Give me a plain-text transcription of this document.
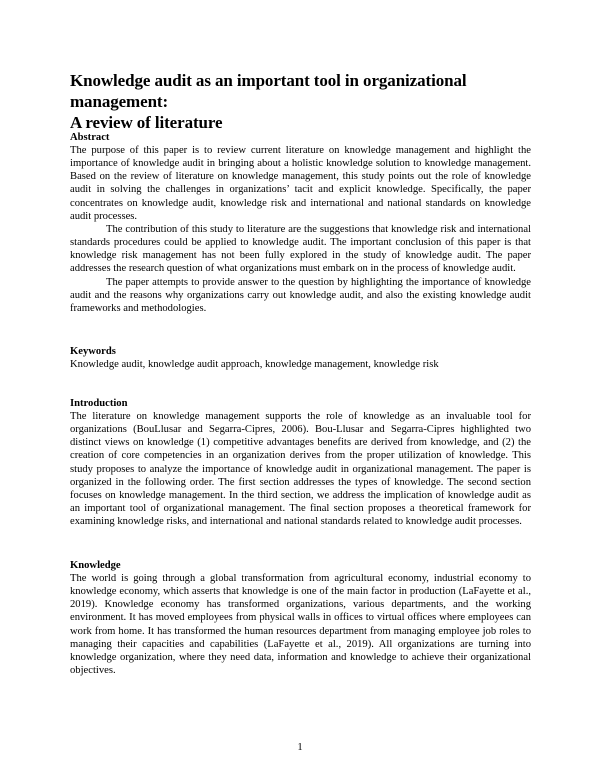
Knowledge audit as an important tool in organizational management:
A review of literature
Abstract

The purpose of this paper is to review current literature on knowledge management and highlight the importance of knowledge audit in bringing about a holistic knowledge solution to knowledge management. Based on the review of literature on knowledge management, this study points out the role of knowledge audit in solving the challenges in organizations’ tacit and explicit knowledge. Specifically, the paper concentrates on knowledge audit, knowledge risk and international and national standards on knowledge audit processes.

The contribution of this study to literature are the suggestions that knowledge risk and international standards procedures could be applied to knowledge audit. The important conclusion of this paper is that knowledge risk management has not been fully explored in the study of knowledge audit. The paper addresses the research question of what organizations must embark on in the process of knowledge audit.

The paper attempts to provide answer to the question by highlighting the importance of knowledge audit and the reasons why organizations carry out knowledge audit, and also the existing knowledge audit frameworks and methodologies.

Keywords

Knowledge audit, knowledge audit approach, knowledge management, knowledge risk

Introduction

The literature on knowledge management supports the role of knowledge as an invaluable tool for organizations (BouLlusar and Segarra-Cipres, 2006). Bou-Llusar and Segarra-Cipres highlighted two distinct views on knowledge (1) competitive advantages benefits are derived from knowledge, and (2) the creation of core competencies in an organization derives from the proper utilization of knowledge. This study proposes to analyze the importance of knowledge audit in organizational management. The paper is organized in the following order. The first section addresses the types of knowledge. The second section focuses on knowledge management. In the third section, we address the implication of knowledge audit as an important tool of organizational management. The final section proposes a theoretical framework for examining knowledge risks, and international and national standards related to knowledge audit processes.

Knowledge

The world is going through a global transformation from agricultural economy, industrial economy to knowledge economy, which asserts that knowledge is one of the main factor in production (LaFayette et al., 2019). Knowledge economy has transformed organizations, various departments, and the working environment. It has moved employees from physical walls in offices to virtual offices where employees can work from home. It has transformed the human resources department from managing employee job roles to managing their capacities and capabilities (LaFayette et al., 2019). All organizations are turning into knowledge organization, where they need data, information and knowledge to achieve their organizational objectives.

1
